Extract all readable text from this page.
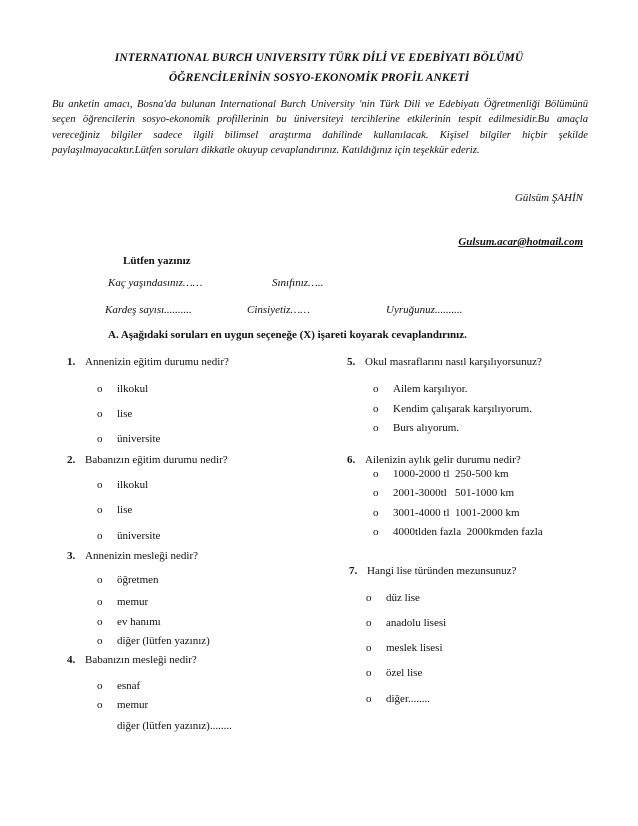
INTERNATIONAL BURCH UNIVERSITY TÜRK DİLİ VE EDEBİYATI BÖLÜMÜ
ÖĞRENCİLERİNİN SOSYO-EKONOMİK PROFİL ANKETİ
Bu anketin amacı, Bosna'da bulunan International Burch University 'nin Türk Dili ve Edebiyatı Öğretmenliği Bölümünü seçen öğrencilerin sosyo-ekonomik profillerinin bu üniversiteyi tercihlerine etkilerinin tespit edilmesidir.Bu amaçla vereceğiniz bilgiler sadece ilgili bilimsel araştırma dahilinde kullanılacak. Kişisel bilgiler hiçbir şekilde paylaşılmayacaktır.Lütfen soruları dikkatle okuyup cevaplandırınız. Katıldığınız için teşekkür ederiz.
Gülsüm ŞAHİN
Gulsum.acar@hotmail.com
Lütfen yazınız
Kaç yaşındasınız……	Sınıfınız…..
Kardeş sayısı..........	Cinsiyetiz……	Uyruğunuz..........
A. Aşağıdaki soruları en uygun seçeneğe (X) işareti koyarak cevaplandırınız.
1. Annenizin eğitim durumu nedir?
o ilkokul
o lise
o üniversite
2. Babanızın eğitim durumu nedir?
o ilkokul
o lise
o üniversite
3. Annenizin mesleği nedir?
o öğretmen
o memur
o ev hanımı
o diğer (lütfen yazınız)
4. Babanızın mesleği nedir?
o esnaf
o memur
diğer (lütfen yazınız)........
5. Okul masraflarını nasıl karşılıyorsunuz?
o Ailem karşılıyor.
o Kendim çalışarak karşılıyorum.
o Burs alıyorum.
6. Ailenizin aylık gelir durumu nedir?
o 1000-2000 tl  250-500 km
o 2001-3000tl   501-1000 km
o 3001-4000 tl  1001-2000 km
o 4000tlden fazla  2000kmden fazla
7. Hangi lise türünden mezunsunuz?
o düz lise
o anadolu lisesi
o meslek lisesi
o özel lise
o diğer........
